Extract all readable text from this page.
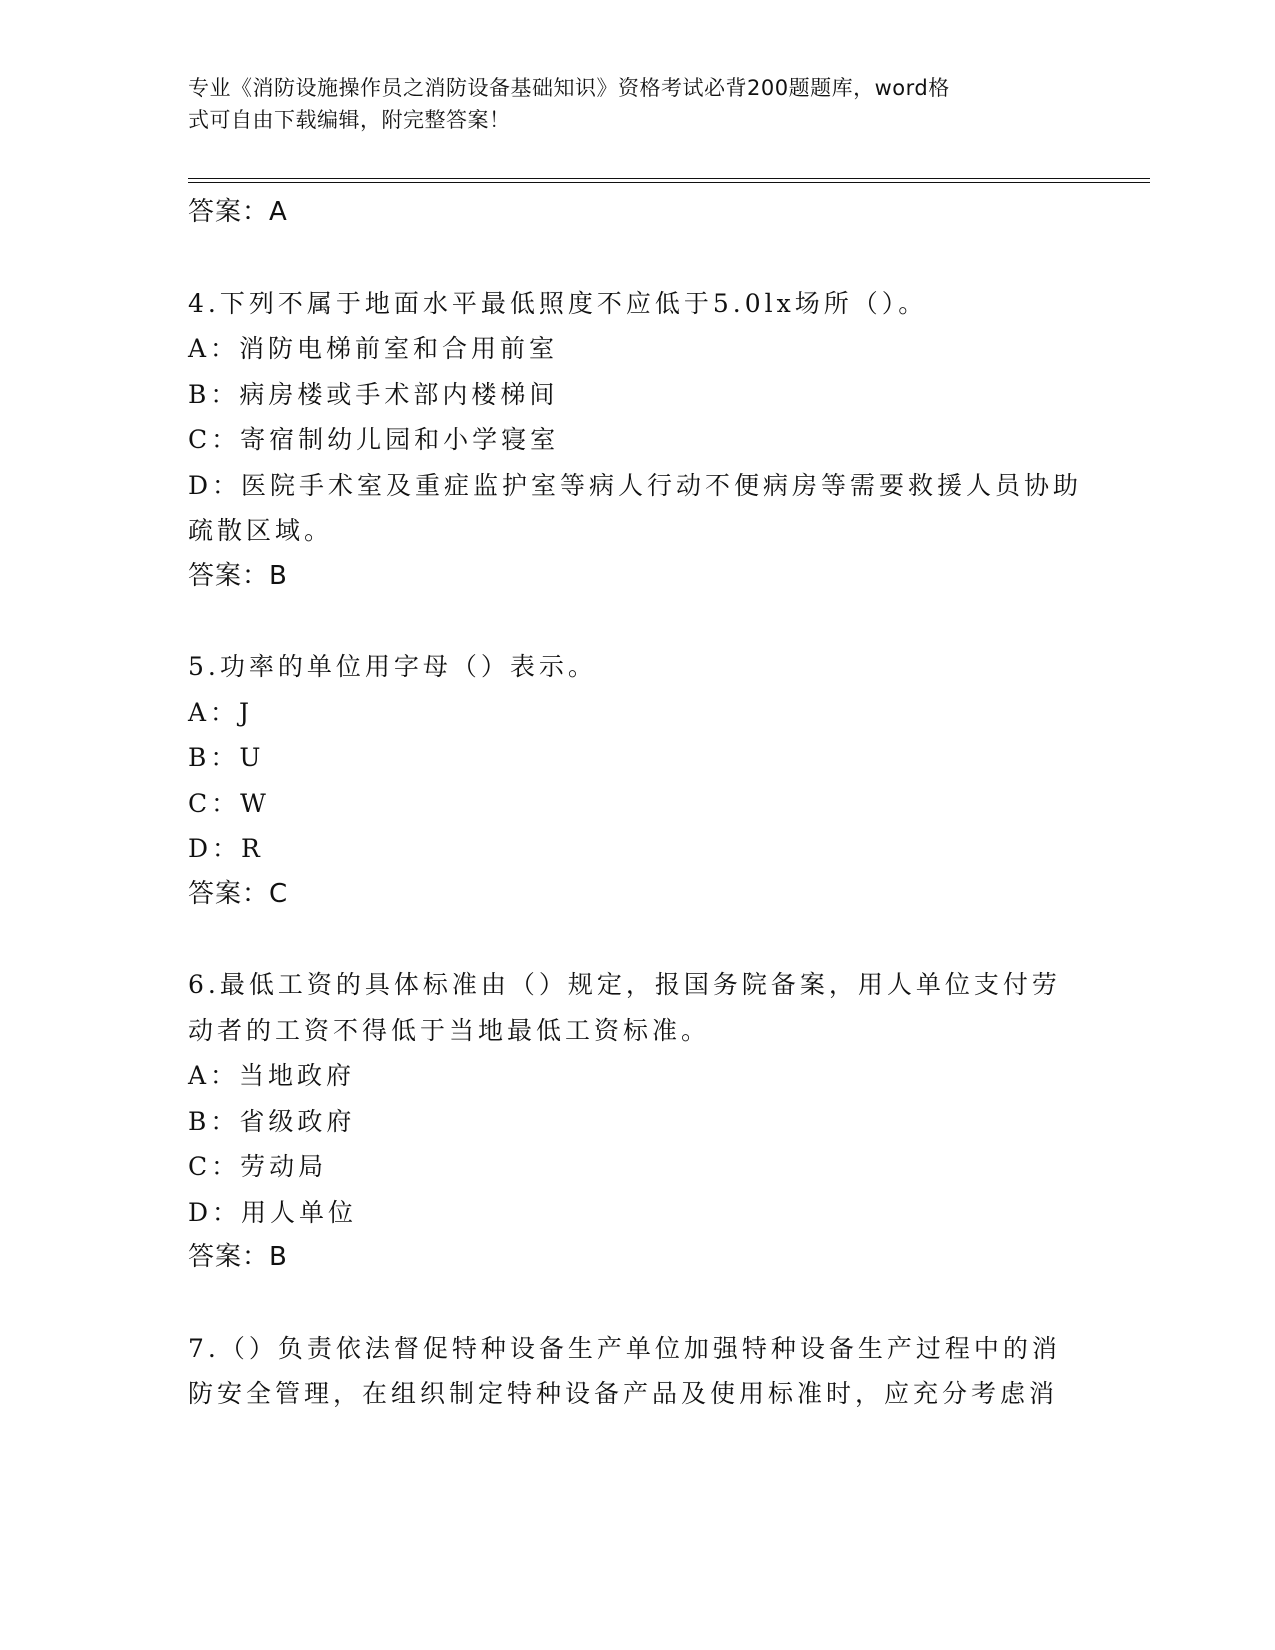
专业《消防设施操作员之消防设备基础知识》资格考试必背200题题库，word格
式可自由下载编辑，附完整答案！

答案：A

4.下列不属于地面水平最低照度不应低于5.0lx场所（）。

A：消防电梯前室和合用前室

B：病房楼或手术部内楼梯间

C：寄宿制幼儿园和小学寝室

D：医院手术室及重症监护室等病人行动不便病房等需要救援人员协助

疏散区域。

答案：B

5.功率的单位用字母（）表示。

A：J

B：U

C：W

D：R

答案：C

6.最低工资的具体标准由（）规定，报国务院备案，用人单位支付劳

动者的工资不得低于当地最低工资标准。

A：当地政府

B：省级政府

C：劳动局

D：用人单位

答案：B

7.（）负责依法督促特种设备生产单位加强特种设备生产过程中的消

防安全管理，在组织制定特种设备产品及使用标准时，应充分考虑消
